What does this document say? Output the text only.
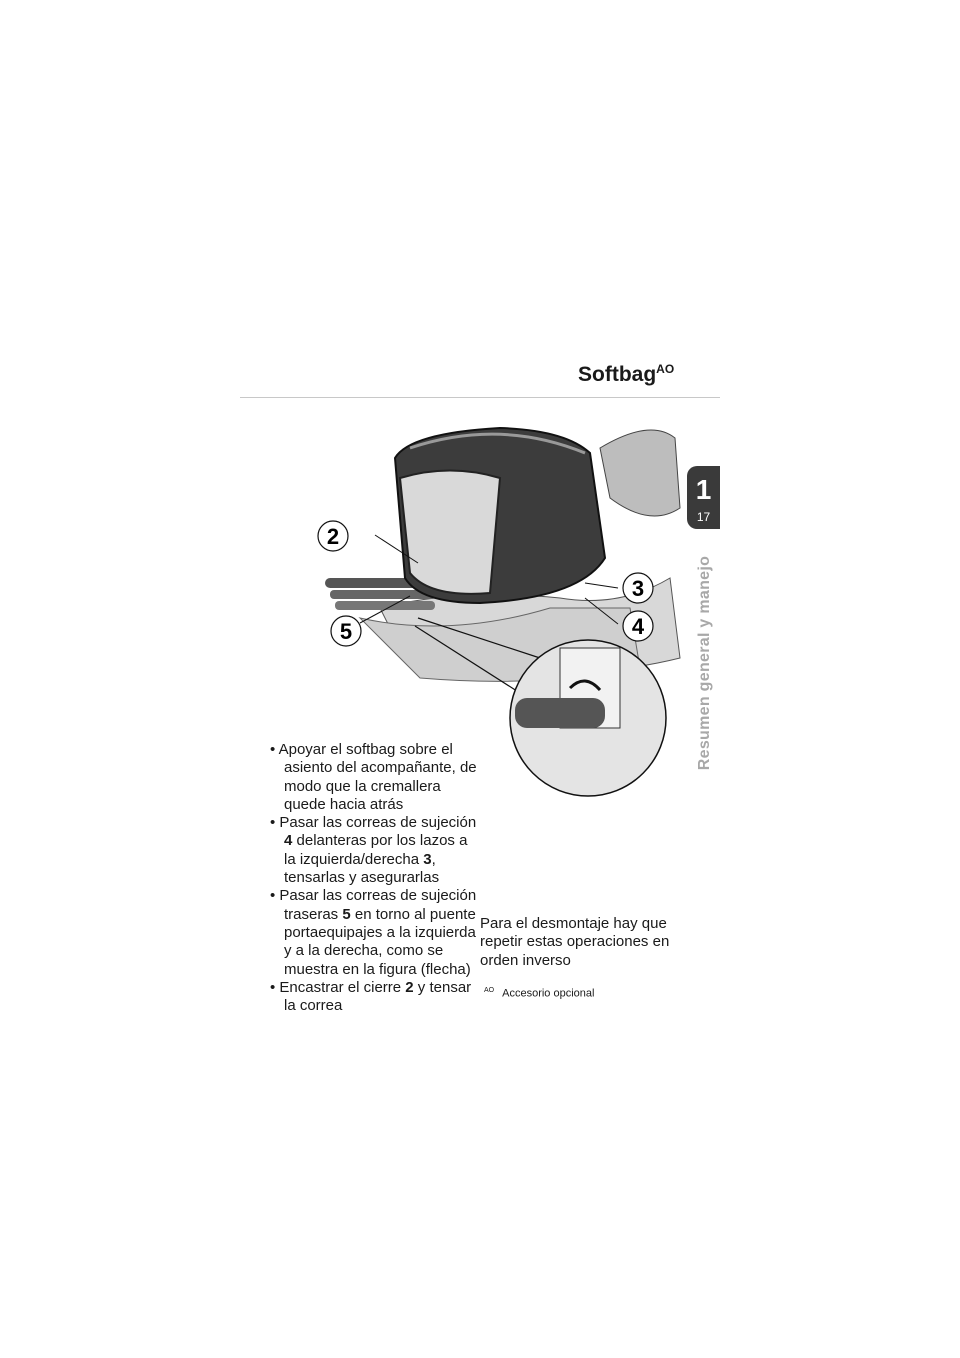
Softbag$^{AO}$
1
17
Resumen general y manejo
2
3
4
5

• Apoyar el softbag sobre el asiento del acompañante, de modo que la cremallera quede hacia atrás

• Pasar las correas de sujeción 4 delanteras por los lazos a la izquierda/derecha 3, tensarlas y asegurarlas

• Pasar las correas de sujeción traseras 5 en torno al puente portaequipajes a la izquierda y a la derecha, como se muestra en la figura (flecha)

• Encastrar el cierre 2 y tensar la correa

Para el desmontaje hay que repetir estas operaciones en orden inverso
$^{AO}$ Accesorio opcional
